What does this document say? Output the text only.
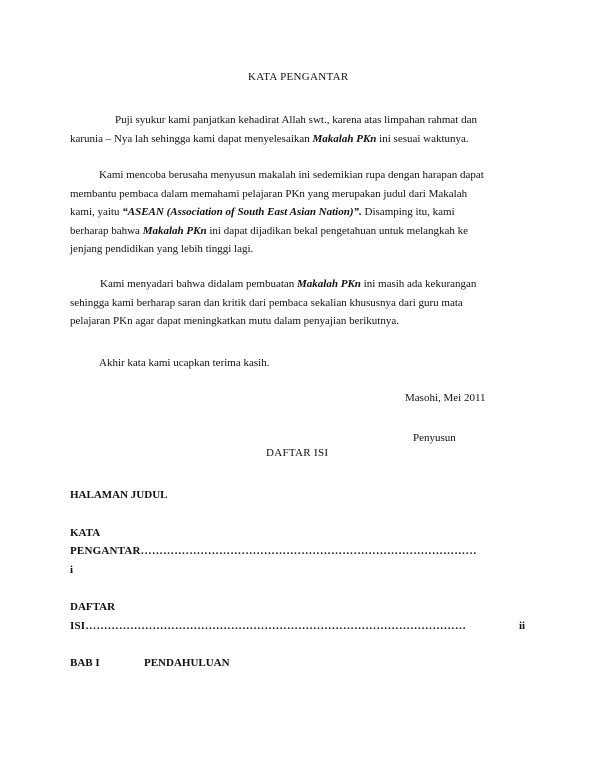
KATA PENGANTAR
Puji syukur kami panjatkan kehadirat Allah swt., karena atas limpahan rahmat dan
karunia – Nya lah sehingga kami dapat menyelesaikan Makalah PKn ini sesuai waktunya.
Kami mencoba berusaha menyusun makalah ini sedemikian rupa dengan harapan dapat
membantu pembaca dalam memahami pelajaran PKn yang merupakan judul dari Makalah
kami, yaitu “ASEAN (Association of South East Asian Nation)”. Disamping itu, kami
berharap bahwa Makalah PKn ini dapat dijadikan bekal pengetahuan untuk melangkah ke
jenjang pendidikan yang lebih tinggi lagi.
Kami menyadari bahwa didalam pembuatan Makalah PKn ini masih ada kekurangan
sehingga kami berharap saran dan kritik dari pembaca sekalian khususnya dari guru mata
pelajaran PKn agar dapat meningkatkan mutu dalam penyajian berikutnya.
Akhir kata kami ucapkan terima kasih.
Masohi, Mei 2011
Penyusun
DAFTAR ISI
HALAMAN JUDUL
KATA
PENGANTAR………………………………………………………………………………
i
DAFTAR
ISI…………………………………………………………………………………………	ii
BAB I	PENDAHULUAN
